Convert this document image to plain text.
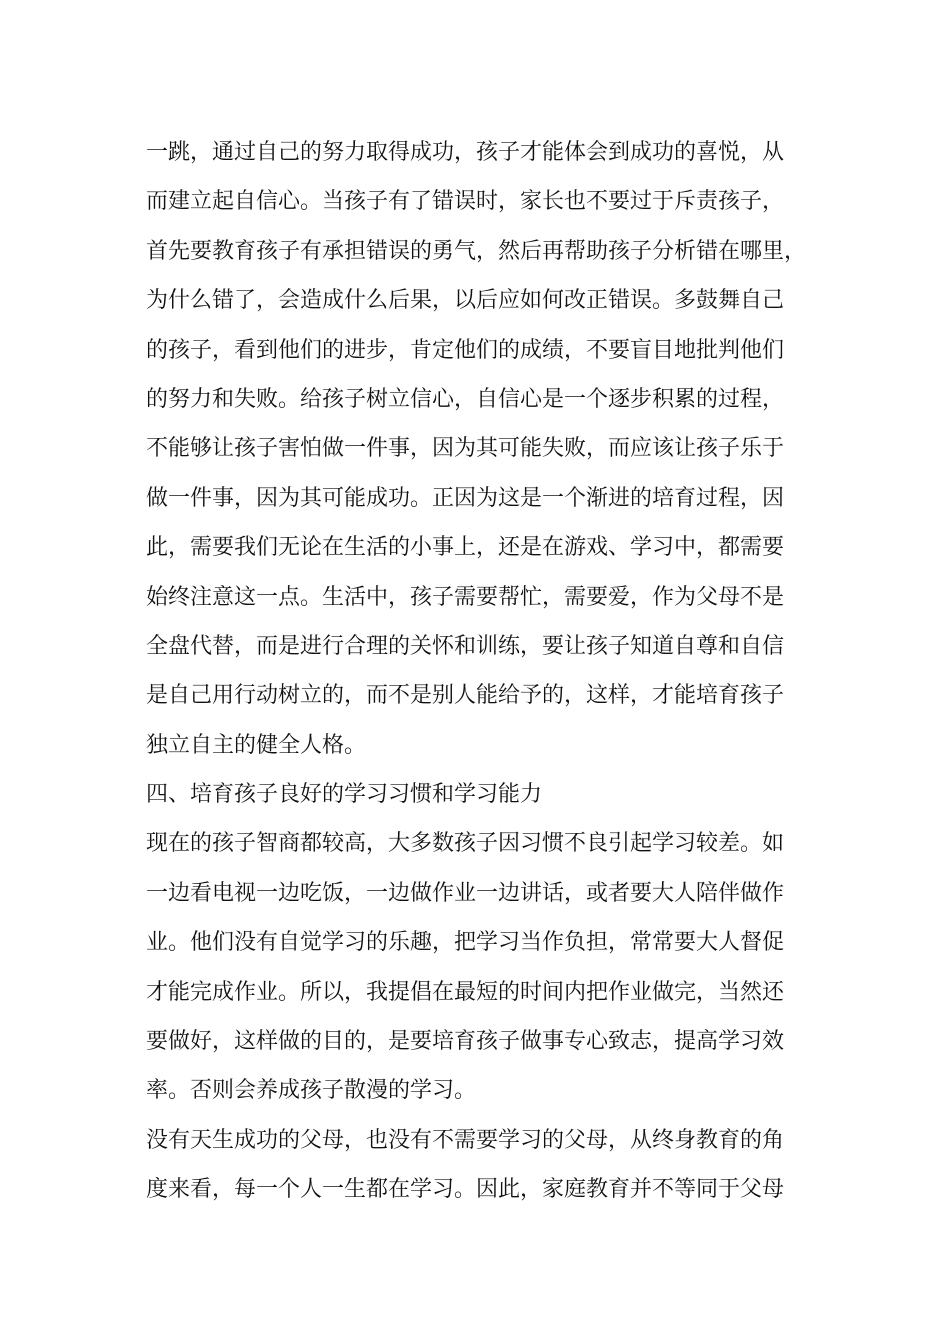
一跳，通过自己的努力取得成功，孩子才能体会到成功的喜悦，从
而建立起自信心。当孩子有了错误时，家长也不要过于斥责孩子，
首先要教育孩子有承担错误的勇气，然后再帮助孩子分析错在哪里，
为什么错了，会造成什么后果，以后应如何改正错误。多鼓舞自己
的孩子，看到他们的进步，肯定他们的成绩，不要盲目地批判他们
的努力和失败。给孩子树立信心，自信心是一个逐步积累的过程，
不能够让孩子害怕做一件事，因为其可能失败，而应该让孩子乐于
做一件事，因为其可能成功。正因为这是一个渐进的培育过程，因
此，需要我们无论在生活的小事上，还是在游戏、学习中，都需要
始终注意这一点。生活中，孩子需要帮忙，需要爱，作为父母不是
全盘代替，而是进行合理的关怀和训练，要让孩子知道自尊和自信
是自己用行动树立的，而不是别人能给予的，这样，才能培育孩子
独立自主的健全人格。
四、培育孩子良好的学习习惯和学习能力
现在的孩子智商都较高，大多数孩子因习惯不良引起学习较差。如
一边看电视一边吃饭，一边做作业一边讲话，或者要大人陪伴做作
业。他们没有自觉学习的乐趣，把学习当作负担，常常要大人督促
才能完成作业。所以，我提倡在最短的时间内把作业做完，当然还
要做好，这样做的目的，是要培育孩子做事专心致志，提高学习效
率。否则会养成孩子散漫的学习。
没有天生成功的父母，也没有不需要学习的父母，从终身教育的角
度来看，每一个人一生都在学习。因此，家庭教育并不等同于父母
